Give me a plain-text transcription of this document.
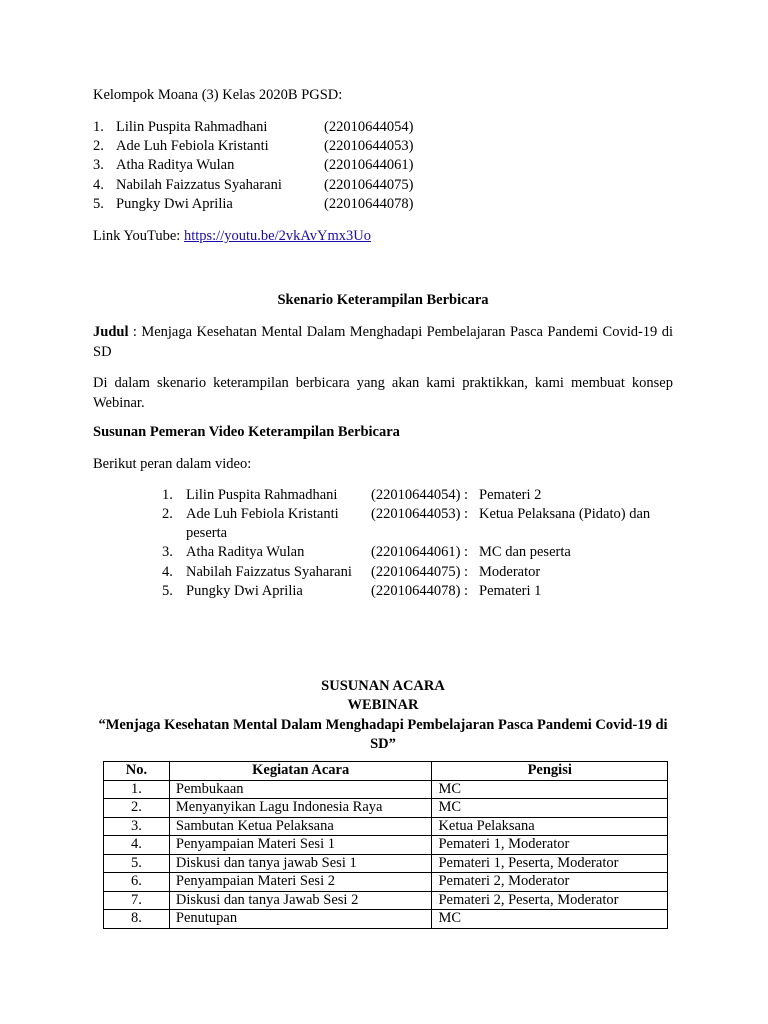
Kelompok Moana (3) Kelas 2020B PGSD:
1. Lilin Puspita Rahmadhani	(22010644054)
2. Ade Luh Febiola Kristanti	(22010644053)
3. Atha Raditya Wulan	(22010644061)
4. Nabilah Faizzatus Syaharani	(22010644075)
5. Pungky Dwi Aprilia	(22010644078)
Link YouTube: https://youtu.be/2vkAvYmx3Uo
Skenario Keterampilan Berbicara
Judul : Menjaga Kesehatan Mental Dalam Menghadapi Pembelajaran Pasca Pandemi Covid-19 di SD
Di dalam skenario keterampilan berbicara yang akan kami praktikkan, kami membuat konsep Webinar.
Susunan Pemeran Video Keterampilan Berbicara
Berikut peran dalam video:
1. Lilin Puspita Rahmadhani (22010644054) : Pemateri 2
2. Ade Luh Febiola Kristanti (22010644053) : Ketua Pelaksana (Pidato) dan
peserta
3. Atha Raditya Wulan	(22010644061) : MC dan peserta
4. Nabilah Faizzatus Syaharani (22010644075) : Moderator
5. Pungky Dwi Aprilia	(22010644078) : Pemateri 1
SUSUNAN ACARA
WEBINAR
“Menjaga Kesehatan Mental Dalam Menghadapi Pembelajaran Pasca Pandemi Covid-19 di SD”
No.	Kegiatan Acara	Pengisi
1.	Pembukaan	MC
2.	Menyanyikan Lagu Indonesia Raya	MC
3.	Sambutan Ketua Pelaksana	Ketua Pelaksana
4.	Penyampaian Materi Sesi 1	Pemateri 1, Moderator
5.	Diskusi dan tanya jawab Sesi 1	Pemateri 1, Peserta, Moderator
6.	Penyampaian Materi Sesi 2	Pemateri 2, Moderator
7.	Diskusi dan tanya Jawab Sesi 2	Pemateri 2, Peserta, Moderator
8.	Penutupan	MC
